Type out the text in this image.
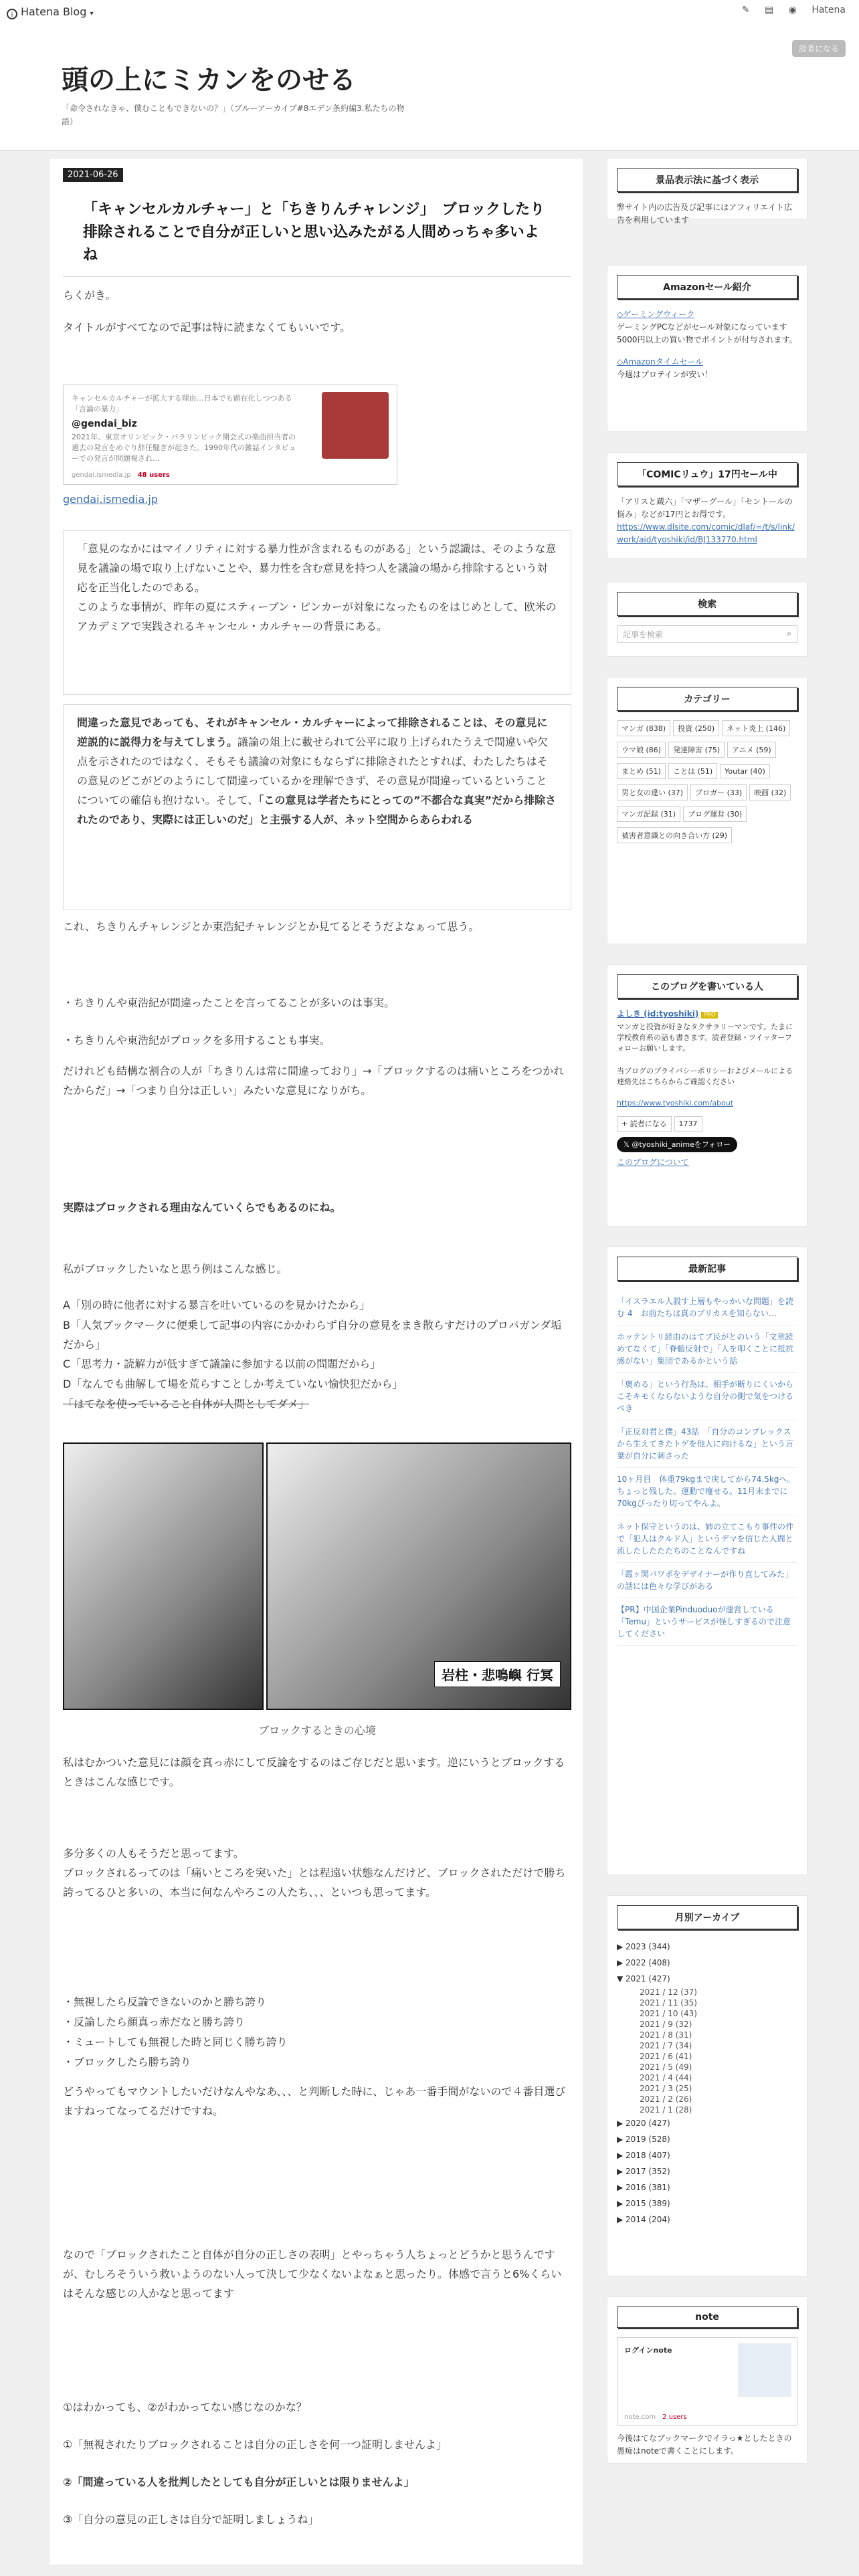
i Hatena Blog ▾	✎ ▤ ◉ Hatena
頭の上にミカンをのせる
「命令されなきゃ、僕むこともできないの？」（ブルーアーカイブ#8エデン条約編3.私たちの物語）
読者になる
2021-06-26
「キャンセルカルチャー」と「ちきりんチャレンジ」　ブロックしたり排除されることで自分が正しいと思い込みたがる人間めっちゃ多いよね
らくがき。
タイトルがすべてなので記事は特に読まなくてもいいです。
キャンセルカルチャーが拡大する理由…日本でも顕在化しつつある「言論の暴力」
@gendai_biz
2021年、東京オリンピック・パラリンピック開会式の楽曲担当者の過去の発言をめぐり辞任騒ぎが起きた。1990年代の雑誌インタビューでの発言が問題視され…
gendai.ismedia.jp　 48 users
gendai.ismedia.jp
「意見のなかにはマイノリティに対する暴力性が含まれるものがある」という認識は、そのような意見を議論の場で取り上げないことや、暴力性を含む意見を持つ人を議論の場から排除するという対応を正当化したのである。
このような事情が、昨年の夏にスティーブン・ピンカーが対象になったものをはじめとして、欧米のアカデミアで実践されるキャンセル・カルチャーの背景にある。
間違った意見であっても、それがキャンセル・カルチャーによって排除されることは、その意見に逆説的に説得力を与えてしまう。議論の俎上に載せられて公平に取り上げられたうえで間違いや欠点を示されたのではなく、そもそも議論の対象にもならずに排除されたとすれば、わたしたちはその意見のどこがどのようにして間違っているかを理解できず、その意見が間違っているということについての確信も抱けない。そして、「この意見は学者たちにとっての”不都合な真実”だから排除されたのであり、実際には正しいのだ」と主張する人が、ネット空間からあらわれる
これ、ちきりんチャレンジとか東浩紀チャレンジとか見てるとそうだよなぁって思う。
・ちきりんや東浩紀が間違ったことを言ってることが多いのは事実。
・ちきりんや東浩紀がブロックを多用することも事実。
だけれども結構な割合の人が「ちきりんは常に間違っており」→「ブロックするのは痛いところをつかれたからだ」→「つまり自分は正しい」みたいな意見になりがち。
実際はブロックされる理由なんていくらでもあるのにね。
私がブロックしたいなと思う例はこんな感じ。
A「別の時に他者に対する暴言を吐いているのを見かけたから」
B「人気ブックマークに便乗して記事の内容にかかわらず自分の意見をまき散らすだけのプロパガンダ垢だから」
C「思考力・読解力が低すぎて議論に参加する以前の問題だから」
D「なんでも曲解して場を荒らすことしか考えていない愉快犯だから」
「はてなを使っていること自体が人間としてダメ」
岩柱・悲鳴嶼 行冥
ブロックするときの心境
私はむかついた意見には顔を真っ赤にして反論をするのはご存じだと思います。逆にいうとブロックするときはこんな感じです。
多分多くの人もそうだと思ってます。
ブロックされるってのは「痛いところを突いた」とは程遠い状態なんだけど、ブロックされただけで勝ち誇ってるひと多いの、本当に何なんやろこの人たち、、、といつも思ってます。
・無視したら反論できないのかと勝ち誇り
・反論したら顔真っ赤だなと勝ち誇り
・ミュートしても無視した時と同じく勝ち誇り
・ブロックしたら勝ち誇り
どうやってもマウントしたいだけなんやなあ、、、と判断した時に、じゃあ一番手間がないので４番目選びますねってなってるだけですね。
なので「ブロックされたこと自体が自分の正しさの表明」とやっちゃう人ちょっとどうかと思うんですが、むしろそういう救いようのない人って決して少なくないよなぁと思ったり。体感で言うと6%くらいはそんな感じの人かなと思ってます
①はわかっても、②がわかってない感じなのかな？
①「無視されたりブロックされることは自分の正しさを何一つ証明しませんよ」
②「間違っている人を批判したとしても自分が正しいとは限りませんよ」
③「自分の意見の正しさは自分で証明しましょうね」
景品表示法に基づく表示
弊サイト内の広告及び記事にはアフィリエイト広告を利用しています
Amazonセール紹介
◇ゲーミングウィーク
ゲーミングPCなどがセール対象になっています
5000円以上の買い物でポイントが付与されます。
◇Amazonタイムセール
今週はプロテインが安い！
「COMICリュウ」17円セール中
「アリスと蔵六」「マザーグール」「セントールの悩み」などが17円とお得です。
https://www.dlsite.com/comic/dlaf/=/t/s/link/work/aid/tyoshiki/id/BJ133770.html
検索
記事を検索	⌕
カテゴリー
マンガ (838) 投資 (250) ネット炎上 (146)ウマ娘 (86) 発達障害 (75) アニメ (59)まとめ (51) ことは (51) Youtar (40)男と女の違い (37) ブロガー (33) 映画 (32)マンガ記録 (31) ブログ運営 (30)被害者意識との向き合い方 (29)
このブログを書いている人
よしき (id:tyoshiki) PRO
マンガと投資が好きなタクサラリーマンです。たまに学校教育系の話も書きます。読者登録・ツイッターフォローお願いします。
当ブログのプライバシーポリシーおよびメールによる連絡先はこちらからご確認ください
https://www.tyoshiki.com/about
+ 読者になる 1737
𝕏 @tyoshiki_animeをフォロー
このブログについて
最新記事
「イスラエル人殺す上層もやっかいな問題」を読む 4　お前たちは真のブリカスを知らない…
ホッテントリ経由のはてブ民がとのいう「文章読めてなくて」「脊髄反射で」「人を叩くことに抵抗感がない」集団であるかという話
「褒める」という行為は、相手が断りにくいからこそキモくならないような自分の側で気をつけるべき
「正反対君と僕」43話　「自分のコンプレックスから生えてきたトゲを他人に向けるな」という言葉が自分に刺さった
10ヶ月目　体重79kgまで戻してから74.5kgへ。ちょっと残した。運動で痩せる。11月末までに70kgぴったり切ってやんよ。
ネット保守というのは、姉の立てこもり事件の件で「犯人はクルド人」というデマを信じた人間と流したしたたたちのことなんですね
「霞ヶ関パワポをデザイナーが作り直してみた」の話には色々な学びがある
【PR】中国企業Pinduoduoが運営している「Temu」というサービスが怪しすぎるので注意してください
月別アーカイブ
▶ 2023 (344)
▶ 2022 (408)
▼ 2021 (427)
2021 / 12 (37)
2021 / 11 (35)
2021 / 10 (43)
2021 / 9 (32)
2021 / 8 (31)
2021 / 7 (34)
2021 / 6 (41)
2021 / 5 (49)
2021 / 4 (44)
2021 / 3 (25)
2021 / 2 (26)
2021 / 1 (28)
▶ 2020 (427)
▶ 2019 (528)
▶ 2018 (407)
▶ 2017 (352)
▶ 2016 (381)
▶ 2015 (389)
▶ 2014 (204)
note
ログインnote
note.com　 2 users
今後はてなブックマークでイラっ★としたときの愚痴はnoteで書くことにします。
